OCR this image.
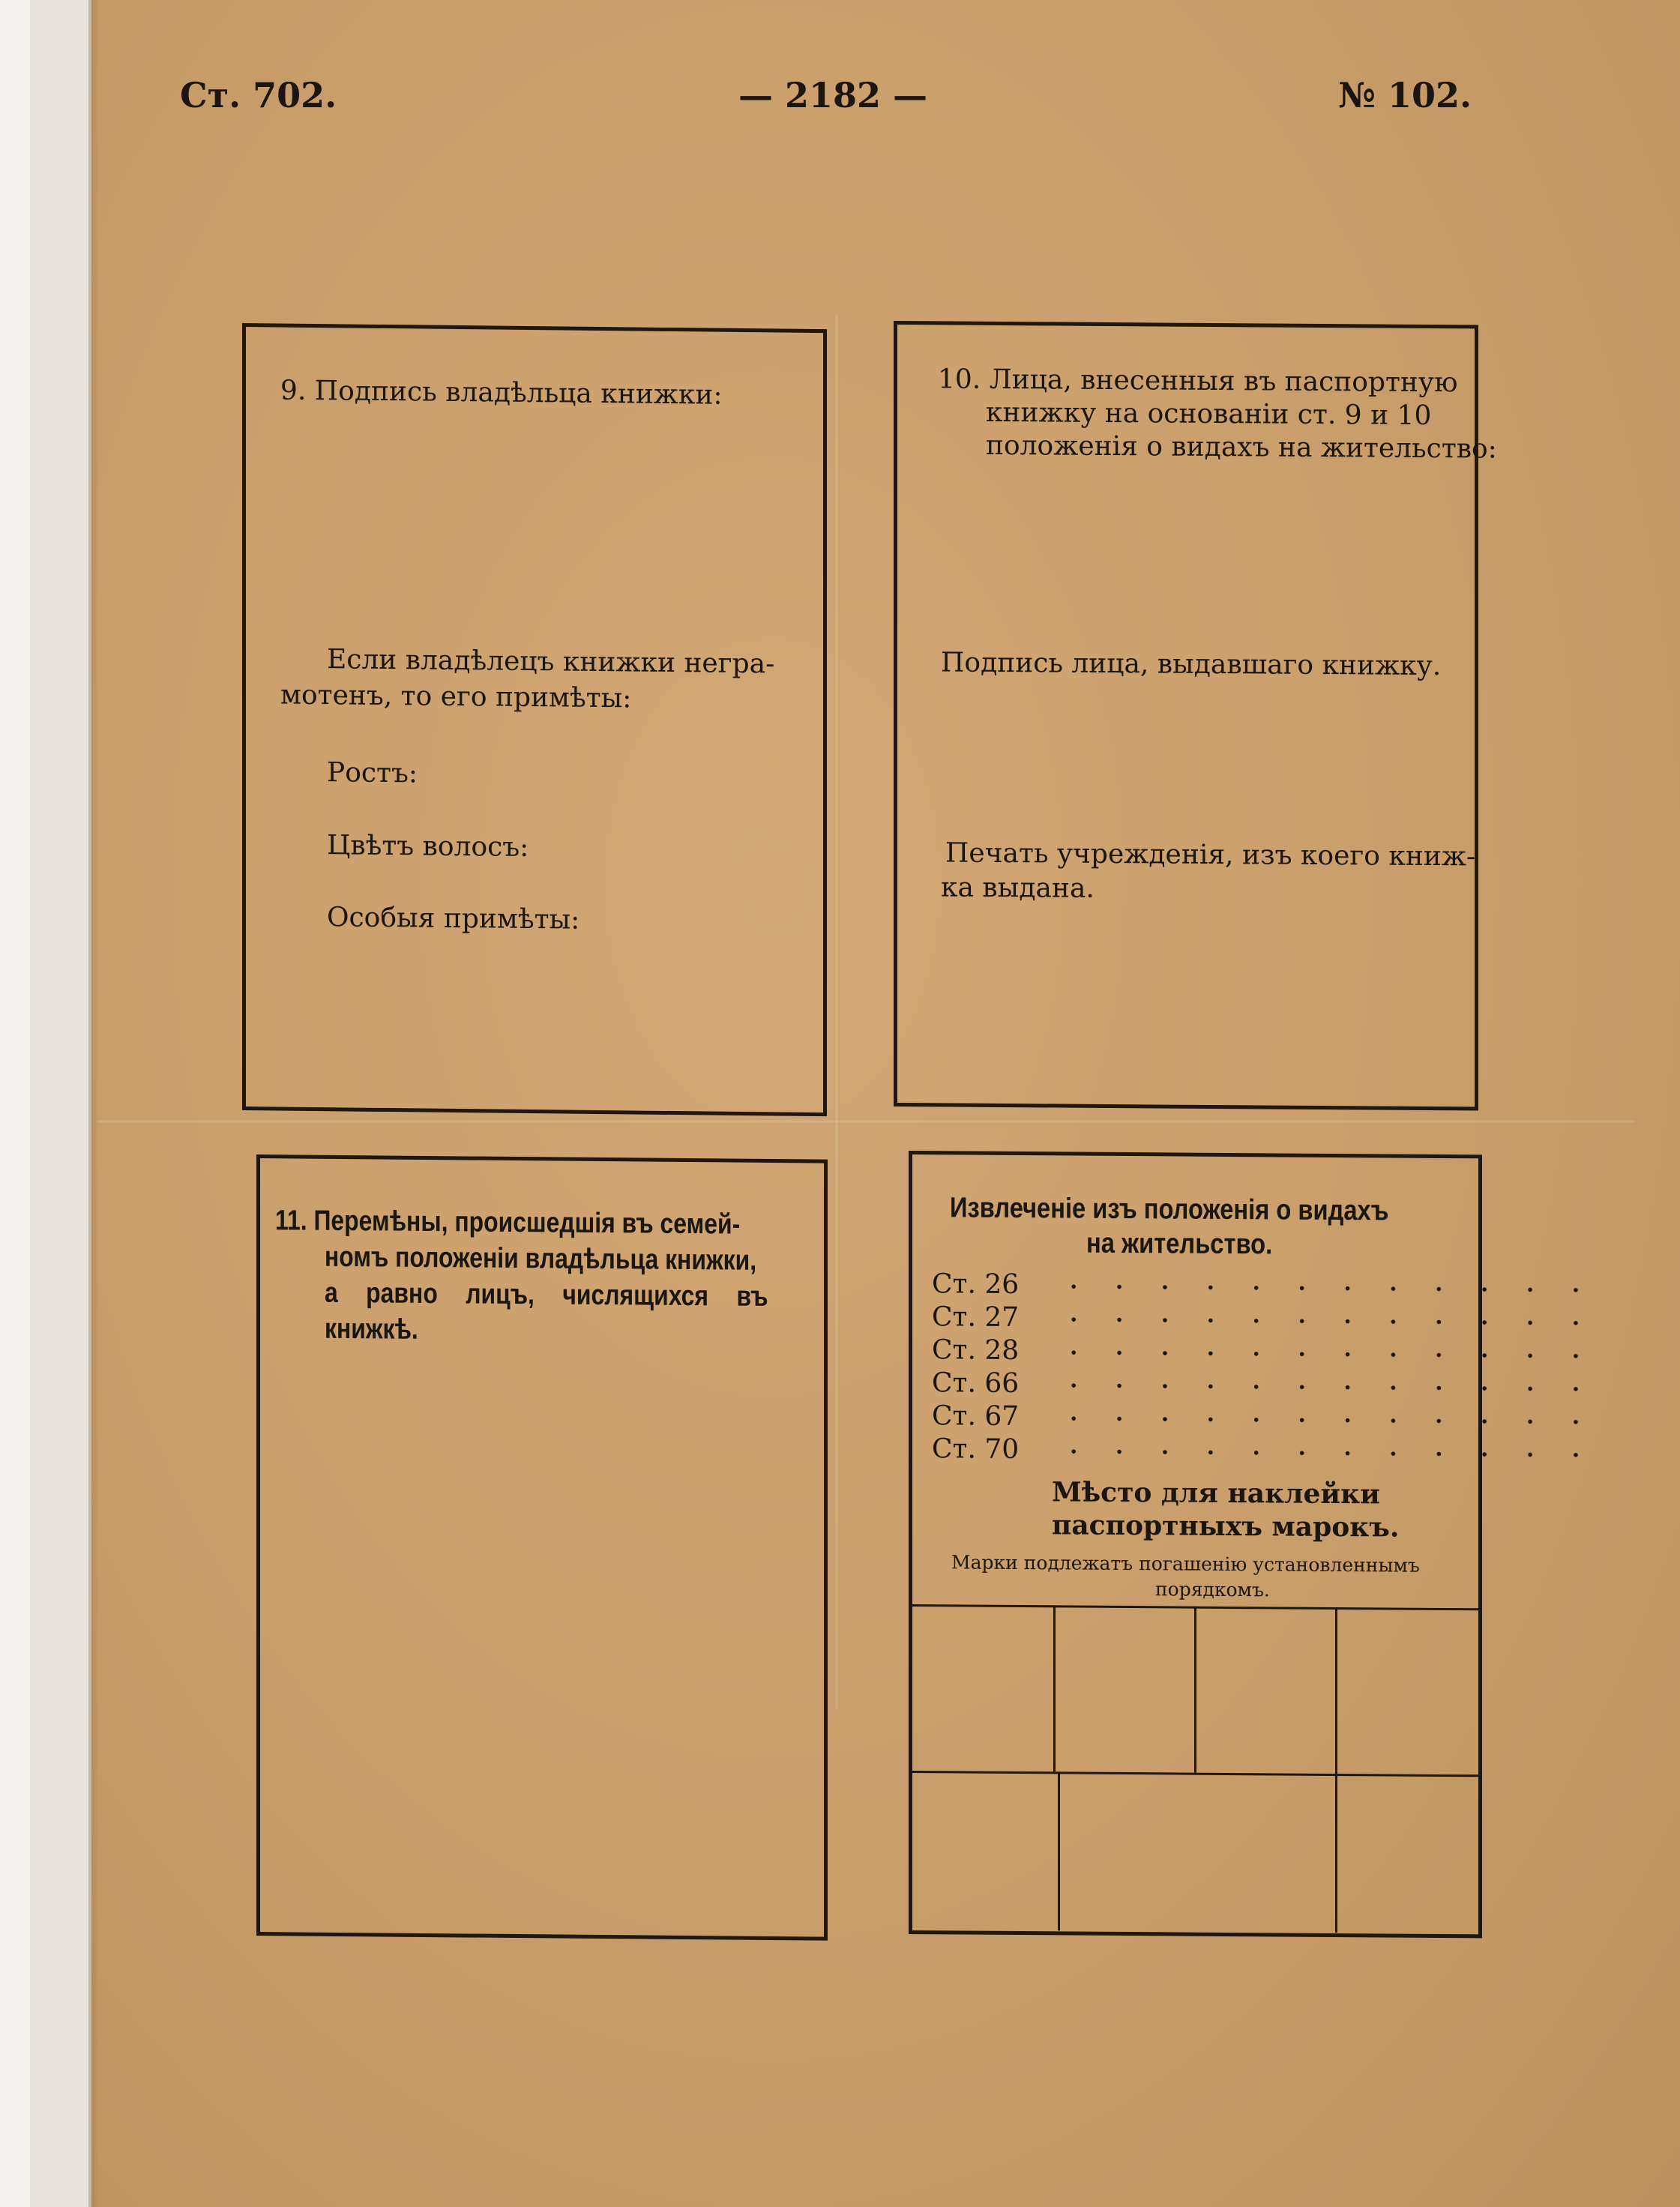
Ст. 702.	— 2182 —	№ 102.
9. Подпись владѣльца книжки:
Если владѣлецъ книжки негра-
мотенъ, то его примѣты:
Ростъ:
Цвѣтъ волосъ:
Особыя примѣты:
10. Лица, внесенныя въ паспортную
книжку на основаніи ст. 9 и 10
положенія о видахъ на жительство:
Подпись лица, выдавшаго книжку.
Печать учрежденія, изъ коего книж-
ка выдана.
11. Перемѣны, происшедшія въ семей-
номъ положеніи владѣльца книжки,
а равно лицъ, числящихся въ
книжкѣ.
Извлеченіе изъ положенія о видахъ
на жительство.
Ст. 26 . . . . . . . . . . . .
Ст. 27 . . . . . . . . . . . .
Ст. 28 . . . . . . . . . . . .
Ст. 66 . . . . . . . . . . . .
Ст. 67 . . . . . . . . . . . .
Ст. 70 . . . . . . . . . . . .
Мѣсто для наклейки
паспортныхъ марокъ.
Марки подлежатъ погашенію установленнымъ
порядкомъ.
